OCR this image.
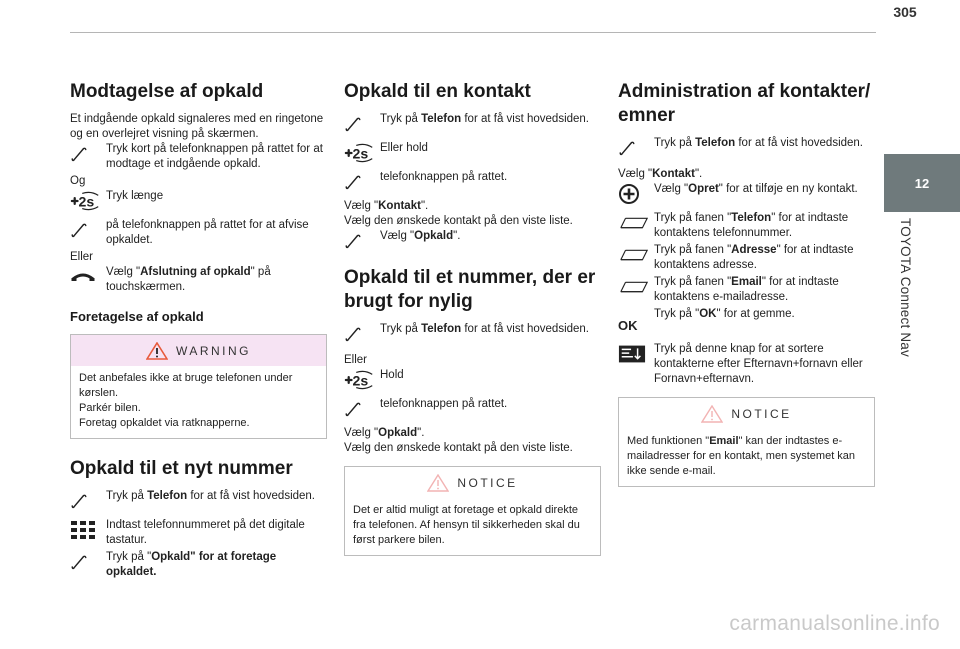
305
12
TOYOTA Connect Nav
Modtagelse af opkald

Et indgående opkald signaleres med en ringetone og en overlejret visning på skærmen.

Tryk kort på telefonknappen på rattet for at modtage et indgående opkald.

Og

Tryk længe

på telefonknappen på rattet for at afvise opkaldet.

Eller

Vælg "Afslutning af opkald" på touchskærmen.

Foretagelse af opkald
WARNING

Det anbefales ikke at bruge telefonen under kørslen.

Parkér bilen.

Foretag opkaldet via ratknapperne.

Opkald til et nyt nummer

Tryk på Telefon for at få vist hovedsiden.

Indtast telefonnummeret på det digitale tastatur.

Tryk på "Opkald" for at foretage opkaldet.

Opkald til en kontakt

Tryk på Telefon for at få vist hovedsiden.

Eller hold

telefonknappen på rattet.

Vælg "Kontakt".

Vælg den ønskede kontakt på den viste liste.

Vælg "Opkald".

Opkald til et nummer, der er brugt for nylig

Tryk på Telefon for at få vist hovedsiden.

Eller

Hold

telefonknappen på rattet.

Vælg "Opkald".

Vælg den ønskede kontakt på den viste liste.

NOTICE

Det er altid muligt at foretage et opkald direkte fra telefonen. Af hensyn til sikkerheden skal du først parkere bilen.

Administration af kontakter/ emner

Tryk på Telefon for at få vist hovedsiden.

Vælg "Kontakt".

Vælg "Opret" for at tilføje en ny kontakt.

Tryk på fanen "Telefon" for at indtaste kontaktens telefonnummer.

Tryk på fanen "Adresse" for at indtaste kontaktens adresse.

Tryk på fanen "Email" for at indtaste kontaktens e-mailadresse.

OK

Tryk på "OK" for at gemme.

Tryk på denne knap for at sortere kontakterne efter Efternavn+fornavn eller Fornavn+efternavn.

NOTICE

Med funktionen "Email" kan der indtastes e-mailadresser for en kontakt, men systemet kan ikke sende e-mail.

carmanualsonline.info
